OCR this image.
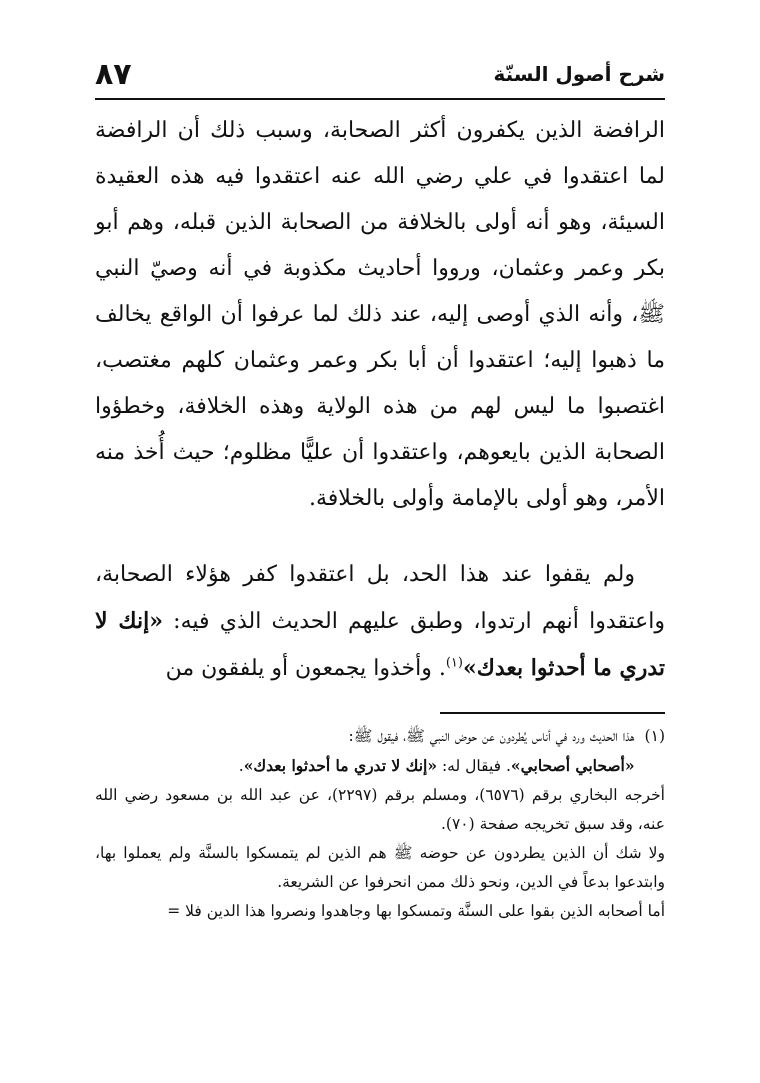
شرح أصول السنّة
٨٧

الرافضة الذين يكفرون أكثر الصحابة، وسبب ذلك أن الرافضة لما اعتقدوا في علي رضي الله عنه اعتقدوا فيه هذه العقيدة السيئة، وهو أنه أولى بالخلافة من الصحابة الذين قبله، وهم أبو بكر وعمر وعثمان، ورووا أحاديث مكذوبة في أنه وصيّ النبي ﷺ، وأنه الذي أوصى إليه، عند ذلك لما عرفوا أن الواقع يخالف ما ذهبوا إليه؛ اعتقدوا أن أبا بكر وعمر وعثمان كلهم مغتصب، اغتصبوا ما ليس لهم من هذه الولاية وهذه الخلافة، وخطؤوا الصحابة الذين بايعوهم، واعتقدوا أن عليًّا مظلوم؛ حيث أُخذ منه الأمر، وهو أولى بالإمامة وأولى بالخلافة.

ولم يقفوا عند هذا الحد، بل اعتقدوا كفر هؤلاء الصحابة، واعتقدوا أنهم ارتدوا، وطبق عليهم الحديث الذي فيه: «إنك لا تدري ما أحدثوا بعدك»$^{(١)}$. وأخذوا يجمعون أو يلفقون من

(١)

هذا الحديث ورد في أناس يُطردون عن حوض النبي ﷺ، فيقول ﷺ:

«أصحابي أصحابي». فيقال له: «إنك لا تدري ما أحدثوا بعدك».

أخرجه البخاري برقم (٦٥٧٦)، ومسلم برقم (٢٢٩٧)، عن عبد الله بن مسعود رضي الله عنه، وقد سبق تخريجه صفحة (٧٠).

ولا شك أن الذين يطردون عن حوضه ﷺ هم الذين لم يتمسكوا بالسنَّة ولم يعملوا بها، وابتدعوا بدعاً في الدين، ونحو ذلك ممن انحرفوا عن الشريعة.

أما أصحابه الذين بقوا على السنَّة وتمسكوا بها وجاهدوا ونصروا هذا الدين فلا =
